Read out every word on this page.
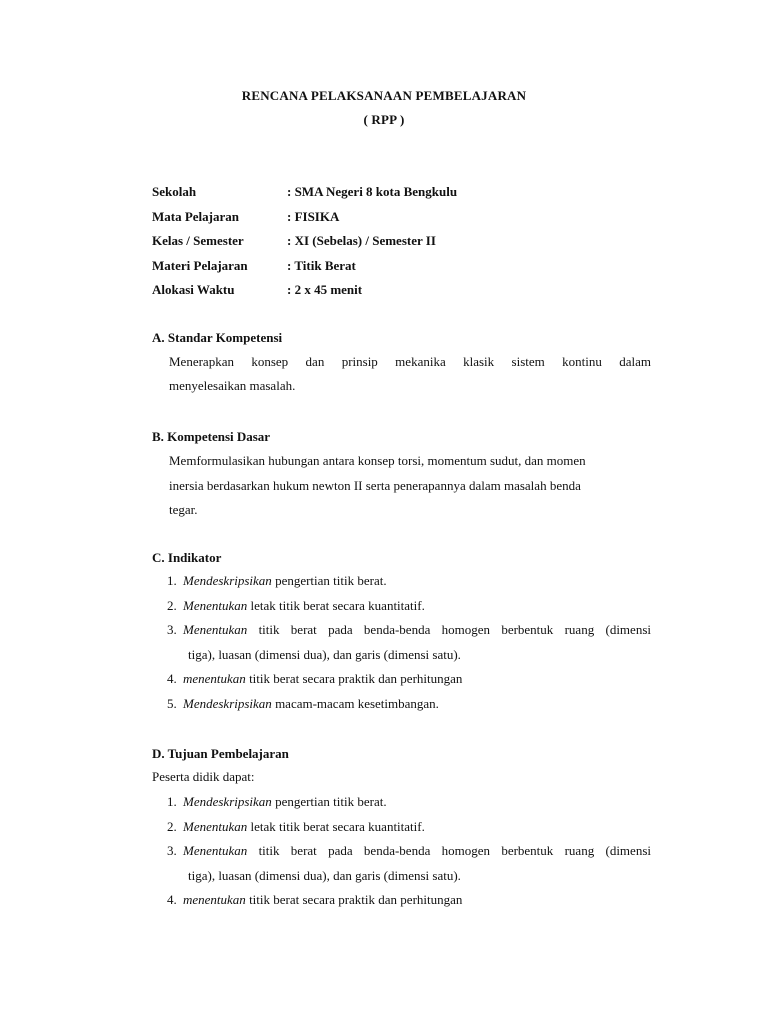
RENCANA PELAKSANAAN PEMBELAJARAN
( RPP )
Sekolah	: SMA Negeri 8 kota Bengkulu
Mata Pelajaran	: FISIKA
Kelas / Semester	: XI (Sebelas) / Semester II
Materi Pelajaran	: Titik Berat
Alokasi Waktu	: 2 x 45 menit
A. Standar Kompetensi
Menerapkan konsep dan prinsip mekanika klasik sistem kontinu dalam
menyelesaikan masalah.
B. Kompetensi Dasar
Memformulasikan hubungan antara konsep torsi, momentum sudut, dan momen
inersia berdasarkan hukum newton II serta penerapannya dalam masalah benda
tegar.
C. Indikator
1. Mendeskripsikan pengertian titik berat.
2. Menentukan letak titik berat secara kuantitatif.
3. Menentukan titik berat pada benda-benda homogen berbentuk ruang (dimensi
tiga), luasan (dimensi dua), dan garis (dimensi satu).
4. menentukan titik berat secara praktik dan perhitungan
5. Mendeskripsikan macam-macam kesetimbangan.
D. Tujuan Pembelajaran
Peserta didik dapat:
1. Mendeskripsikan pengertian titik berat.
2. Menentukan letak titik berat secara kuantitatif.
3. Menentukan titik berat pada benda-benda homogen berbentuk ruang (dimensi
tiga), luasan (dimensi dua), dan garis (dimensi satu).
4. menentukan titik berat secara praktik dan perhitungan
